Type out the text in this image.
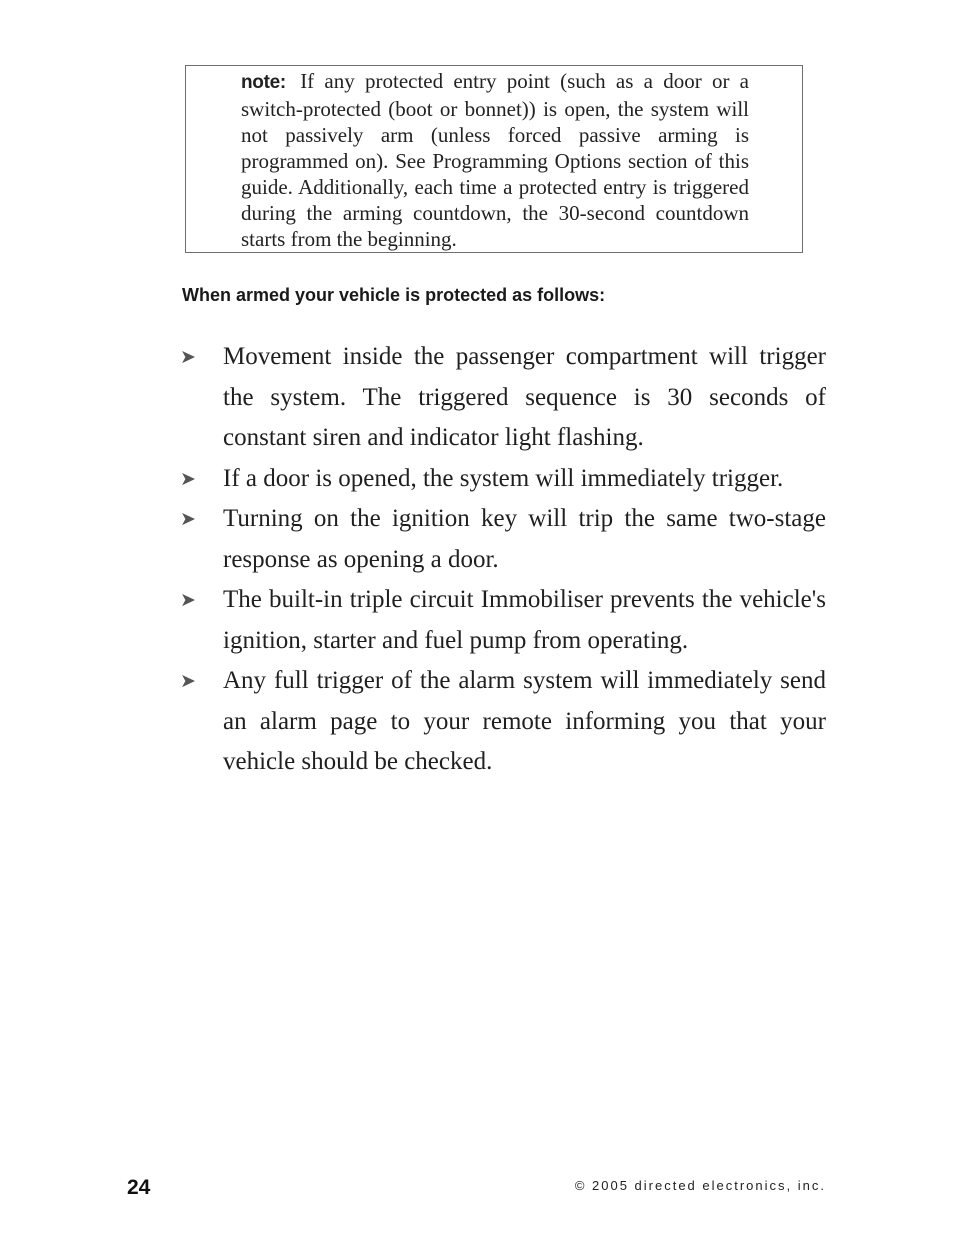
note: If any protected entry point (such as a door or a switch-protected (boot or bonnet)) is open, the system will not passively arm (unless forced passive arming is programmed on). See Programming Options section of this guide. Additionally, each time a protected entry is triggered during the arming countdown, the 30-second countdown starts from the beginning.
When armed your vehicle is protected as follows:
➤ Movement inside the passenger compartment will trigger the system. The triggered sequence is 30 seconds of constant siren and indicator light flashing.
➤ If a door is opened, the system will immediately trigger.
➤ Turning on the ignition key will trip the same two-stage response as opening a door.
➤ The built-in triple circuit Immobiliser prevents the vehicle's ignition, starter and fuel pump from operating.
➤ Any full trigger of the alarm system will immediately send an alarm page to your remote informing you that your vehicle should be checked.
24	© 2005 directed electronics, inc.
